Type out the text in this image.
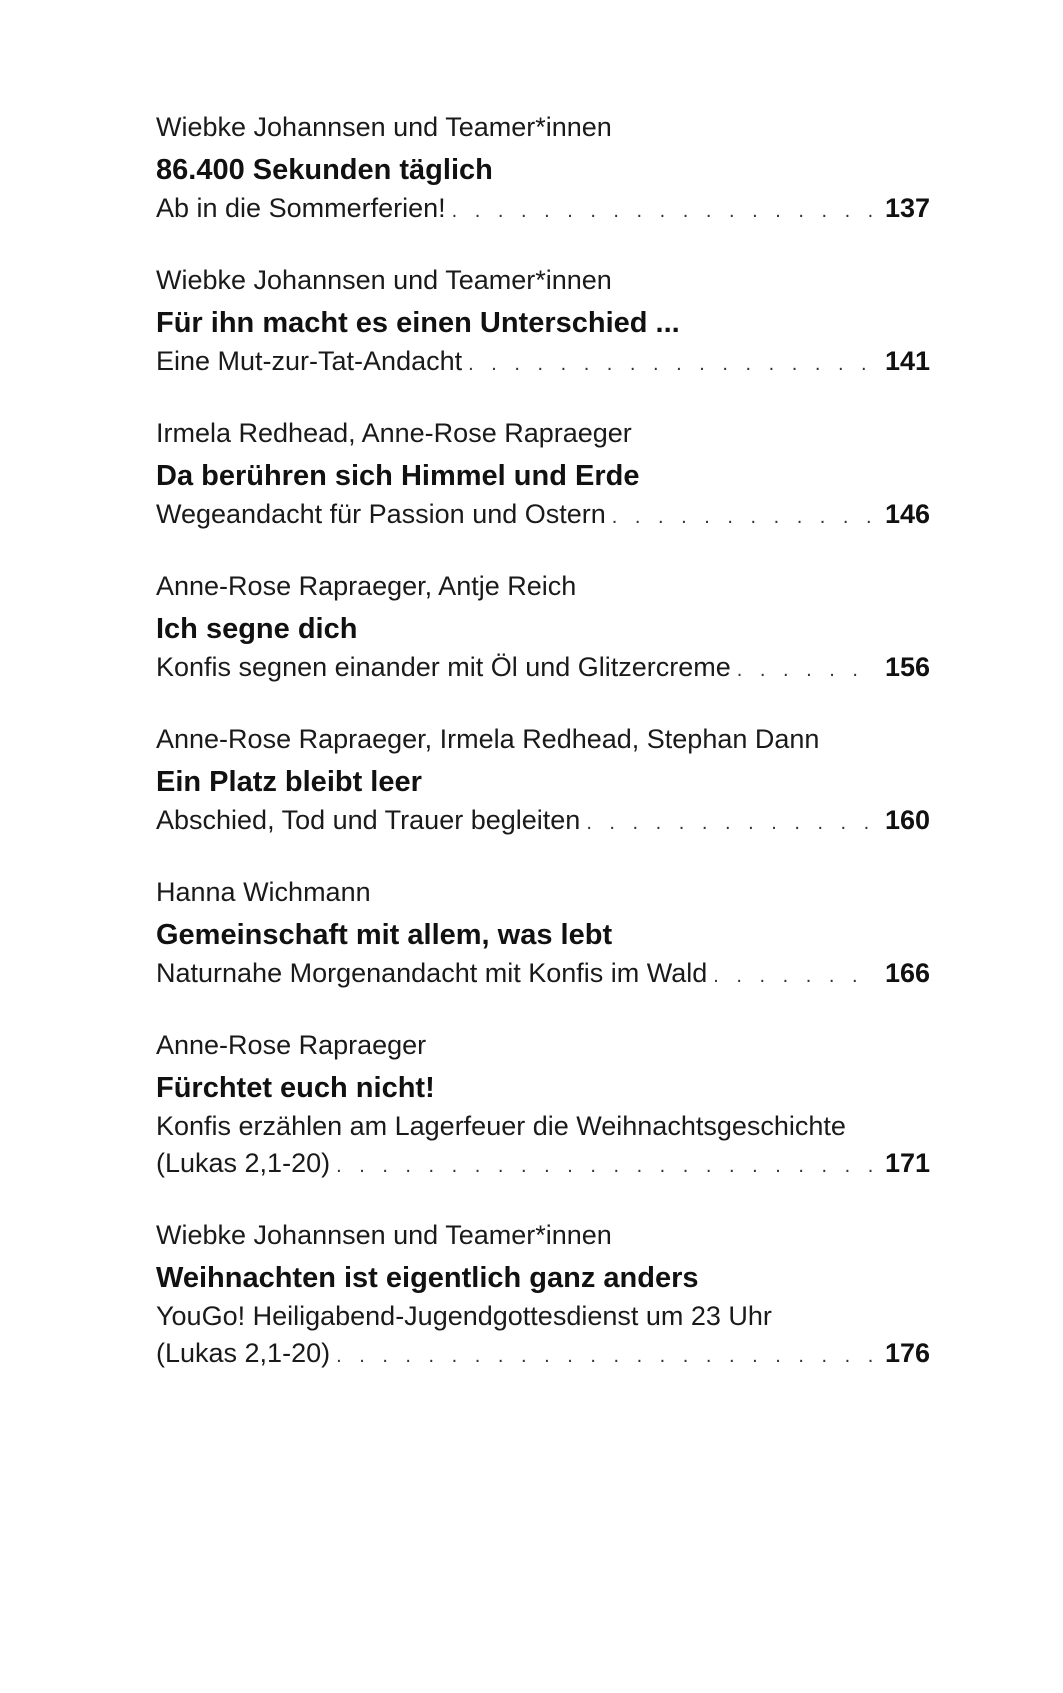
Wiebke Johannsen und Teamer*innen
86.400 Sekunden täglich
Ab in die Sommerferien! . . .	137
Wiebke Johannsen und Teamer*innen
Für ihn macht es einen Unterschied ...
Eine Mut-zur-Tat-Andacht . . .	141
Irmela Redhead, Anne-Rose Rapraeger
Da berühren sich Himmel und Erde
Wegeandacht für Passion und Ostern . . .	146
Anne-Rose Rapraeger, Antje Reich
Ich segne dich
Konfis segnen einander mit Öl und Glitzercreme . . .	156
Anne-Rose Rapraeger, Irmela Redhead, Stephan Dann
Ein Platz bleibt leer
Abschied, Tod und Trauer begleiten . . .	160
Hanna Wichmann
Gemeinschaft mit allem, was lebt
Naturnahe Morgenandacht mit Konfis im Wald . . .	166
Anne-Rose Rapraeger
Fürchtet euch nicht!
Konfis erzählen am Lagerfeuer die Weihnachtsgeschichte
(Lukas 2,1-20) . . .	171
Wiebke Johannsen und Teamer*innen
Weihnachten ist eigentlich ganz anders
YouGo! Heiligabend-Jugendgottesdienst um 23 Uhr
(Lukas 2,1-20) . . .	176
